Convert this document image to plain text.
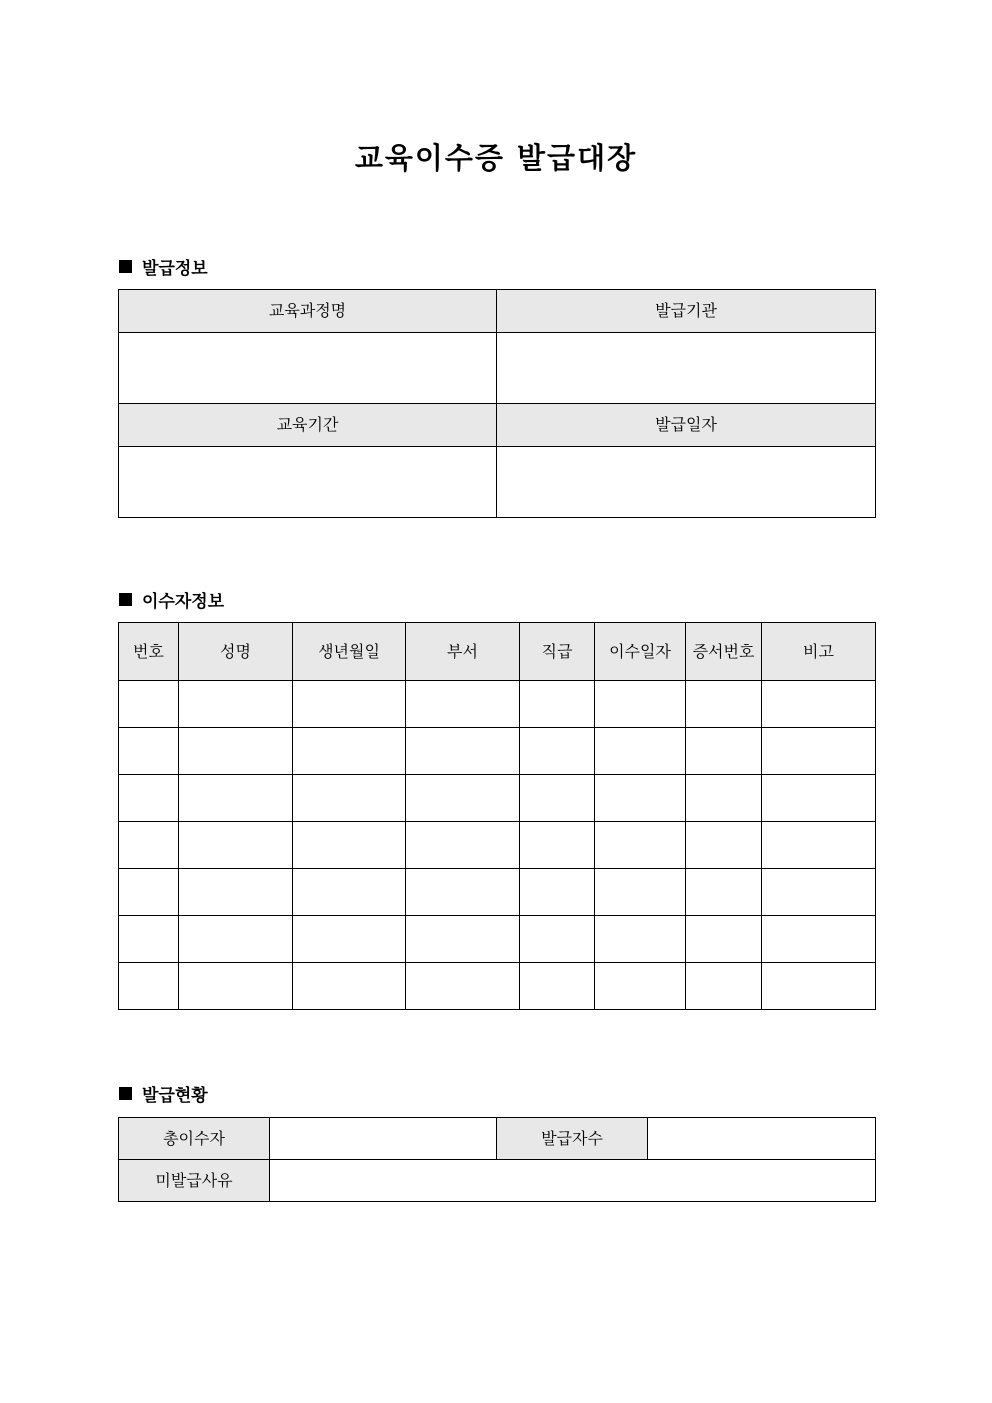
교육이수증 발급대장
발급정보
교육과정명	발급기관

교육기간	발급일자

이수자정보
번호	성명	생년월일	부서	직급	이수일자	증서번호	비고

발급현황
총이수자		발급자수	
미발급사유			
